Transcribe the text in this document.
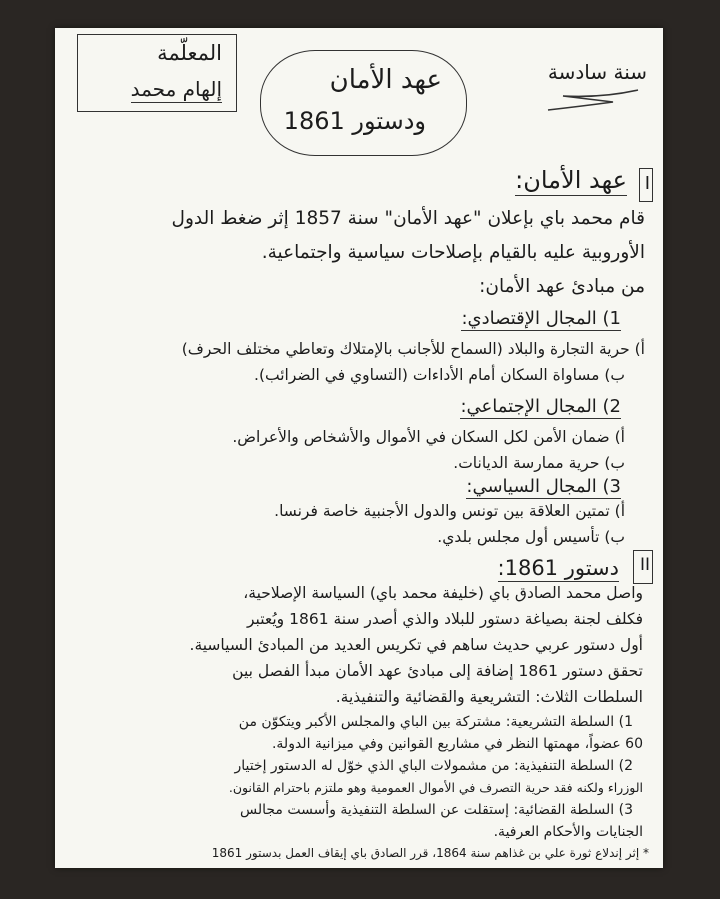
المعلّمة
إلهام محمد	عهد الأمان
ودستور 1861
سنة سادسة
I
عهد الأمان:
قام محمد باي بإعلان "عهد الأمان" سنة 1857 إثر ضغط الدول
الأوروبية عليه بالقيام بإصلاحات سياسية واجتماعية.
من مبادئ عهد الأمان:
1) المجال الإقتصادي:
أ) حرية التجارة والبلاد (السماح للأجانب بالإمتلاك وتعاطي مختلف الحرف)
ب) مساواة السكان أمام الأداءات (التساوي في الضرائب).
2) المجال الإجتماعي:
أ) ضمان الأمن لكل السكان في الأموال والأشخاص والأعراض.
ب) حرية ممارسة الديانات.
3) المجال السياسي:
أ) تمتين العلاقة بين تونس والدول الأجنبية خاصة فرنسا.
ب) تأسيس أول مجلس بلدي.
II
دستور 1861:
واصل محمد الصادق باي (خليفة محمد باي) السياسة الإصلاحية،
فكلف لجنة بصياغة دستور للبلاد والذي أصدر سنة 1861 ويُعتبر
أول دستور عربي حديث ساهم في تكريس العديد من المبادئ السياسية.
تحقق دستور 1861 إضافة إلى مبادئ عهد الأمان مبدأ الفصل بين
السلطات الثلاث: التشريعية والقضائية والتنفيذية.
1) السلطة التشريعية: مشتركة بين الباي والمجلس الأكبر ويتكوّن من
60 عضواً، مهمتها النظر في مشاريع القوانين وفي ميزانية الدولة.
2) السلطة التنفيذية: من مشمولات الباي الذي خوّل له الدستور إختيار
الوزراء ولكنه فقد حرية التصرف في الأموال العمومية وهو ملتزم باحترام القانون.
3) السلطة القضائية: إستقلت عن السلطة التنفيذية وأسست مجالس
الجنايات والأحكام العرفية.
* إثر إندلاع ثورة علي بن غذاهم سنة 1864، قرر الصادق باي إيقاف العمل بدستور 1861
